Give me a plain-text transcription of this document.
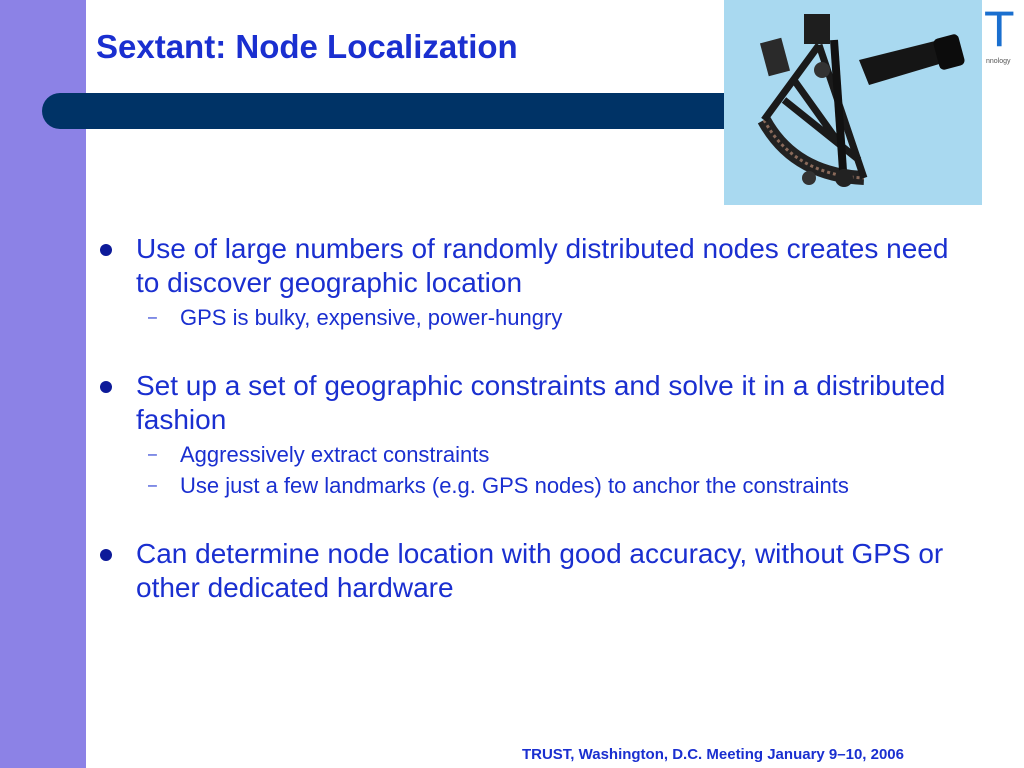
Sextant: Node Localization	T
nnology
Use of large numbers of randomly distributed nodes creates need to discover geographic location
– GPS is bulky, expensive, power-hungry
Set up a set of geographic constraints and solve it in a distributed fashion
– Aggressively extract constraints
– Use just a few landmarks (e.g. GPS nodes) to anchor the constraints
Can determine node location with good accuracy, without GPS or other dedicated hardware
TRUST, Washington, D.C. Meeting January 9–10, 2006
